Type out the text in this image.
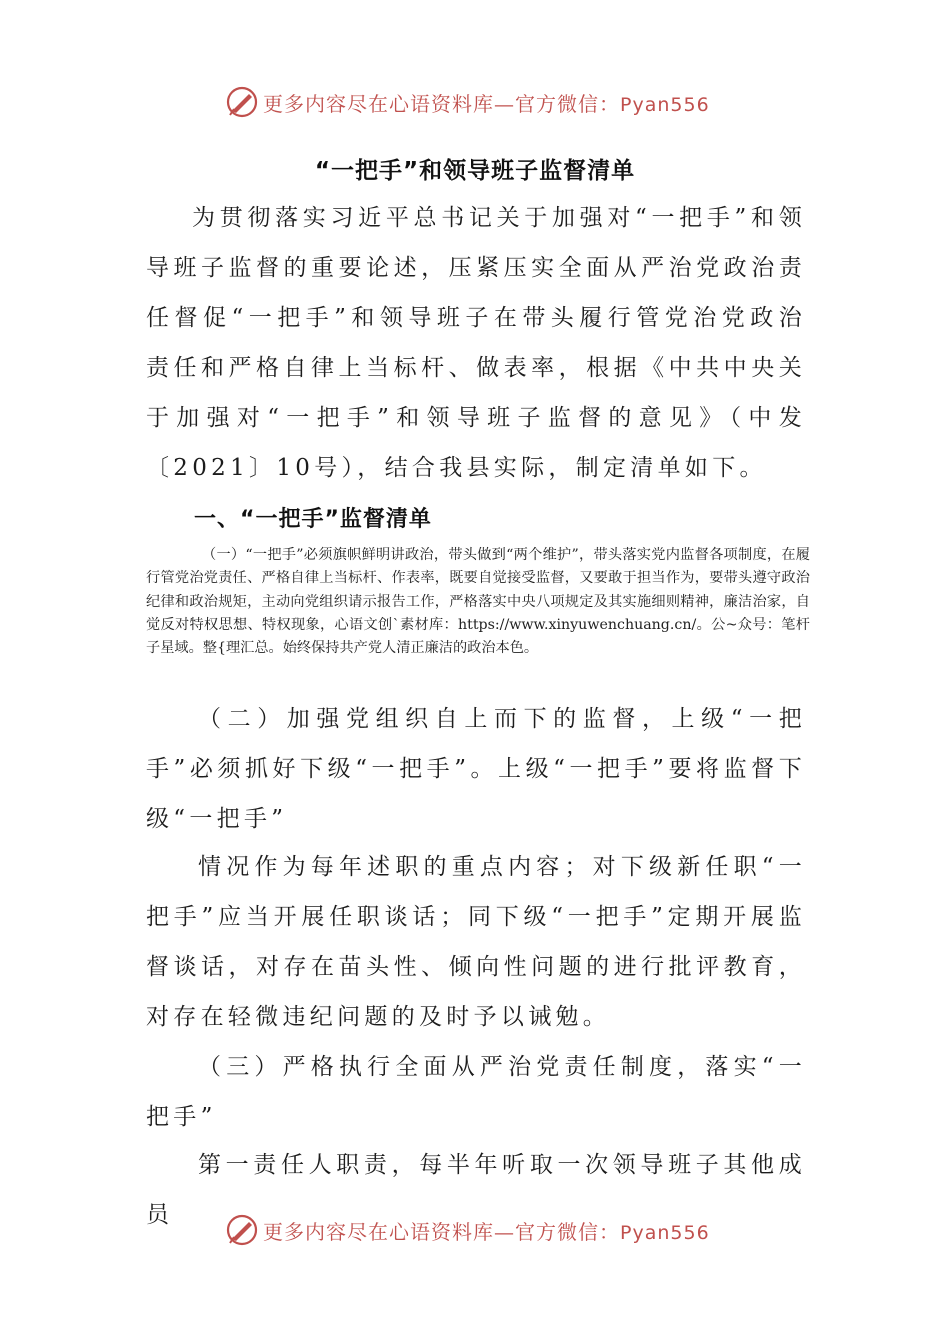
更多内容尽在心语资料库—官方微信：Pyan556
“一把手”和领导班子监督清单

为贯彻落实习近平总书记关于加强对“一把手”和领导班子监督的重要论述，压紧压实全面从严治党政治责任督促“一把手”和领导班子在带头履行管党治党政治责任和严格自律上当标杆、做表率，根据《中共中央关于加强对“一把手”和领导班子监督的意见》（中发〔2021〕10号），结合我县实际，制定清单如下。

一、“一把手”监督清单

（一）“一把手”必须旗帜鲜明讲政治，带头做到“两个维护”，带头落实党内监督各项制度，在履行管党治党责任、严格自律上当标杆、作表率，既要自觉接受监督，又要敢于担当作为，要带头遵守政治纪律和政治规矩，主动向党组织请示报告工作，严格落实中央八项规定及其实施细则精神，廉洁治家，自觉反对特权思想、特权现象，心语文创`素材库：https://www.xinyuwenchuang.cn/。公~众号：笔杆子星域。整{理汇总。始终保持共产党人清正廉洁的政治本色。

（二）加强党组织自上而下的监督，上级“一把手”必须抓好下级“一把手”。上级“一把手”要将监督下级“一把手”

情况作为每年述职的重点内容；对下级新任职“一把手”应当开展任职谈话；同下级“一把手”定期开展监督谈话，对存在苗头性、倾向性问题的进行批评教育，对存在轻微违纪问题的及时予以诫勉。

（三）严格执行全面从严治党责任制度，落实“一把手”

第一责任人职责，每半年听取一次领导班子其他成员

更多内容尽在心语资料库—官方微信：Pyan556
